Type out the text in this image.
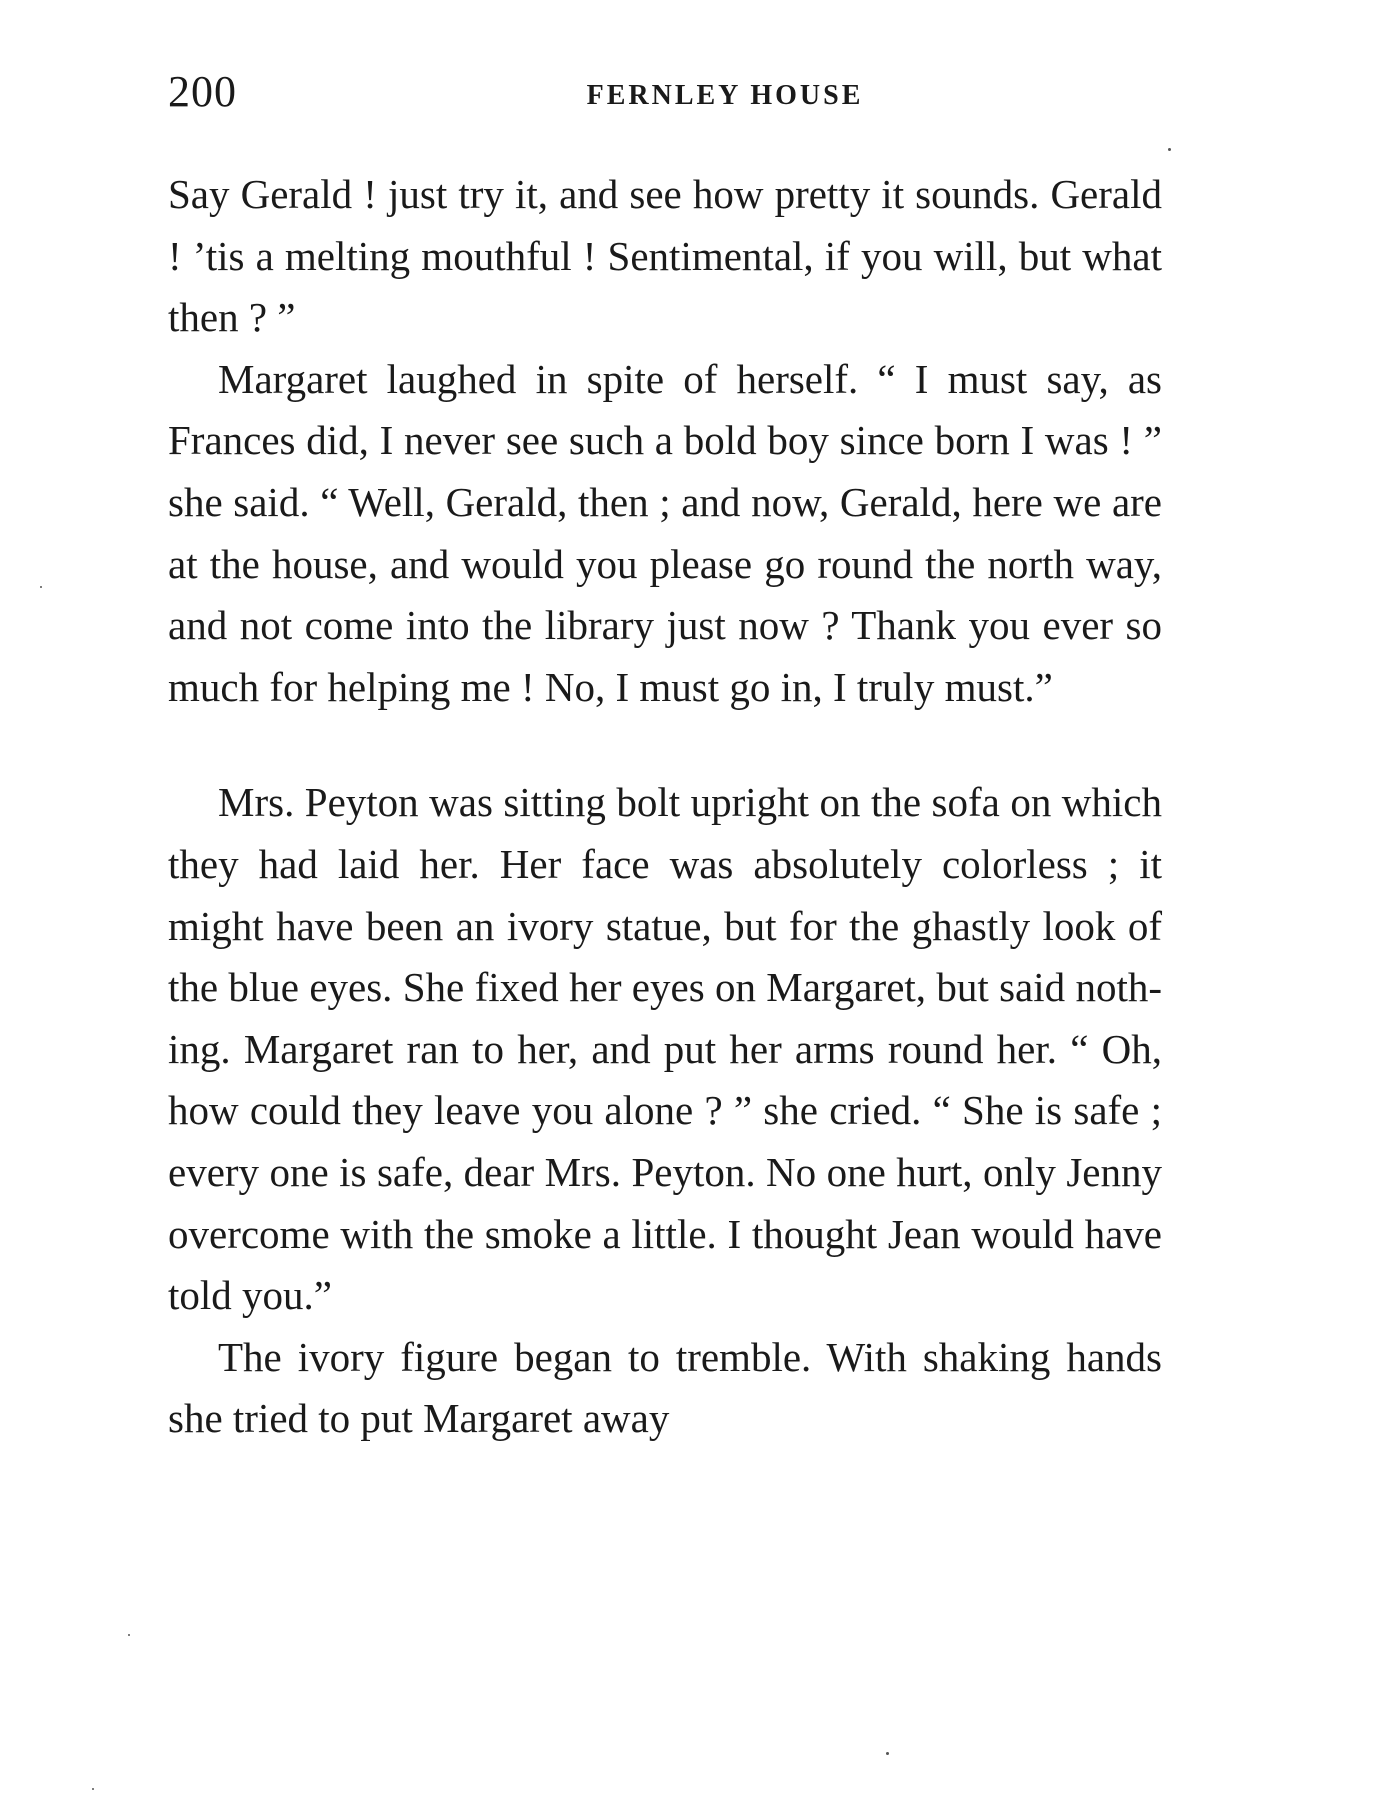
200	FERNLEY HOUSE

Say Gerald ! just try it, and see how pretty it sounds. Gerald ! ’tis a melting mouthful ! Sentimental, if you will, but what then ? ”

Margaret laughed in spite of herself. “ I must say, as Frances did, I never see such a bold boy since born I was ! ” she said. “ Well, Gerald, then ; and now, Gerald, here we are at the house, and would you please go round the north way, and not come into the library just now ? Thank you ever so much for helping me ! No, I must go in, I truly must.”

Mrs. Peyton was sitting bolt upright on the sofa on which they had laid her. Her face was absolutely colorless ; it might have been an ivory statue, but for the ghastly look of the blue eyes. She fixed her eyes on Margaret, but said nothing. Margaret ran to her, and put her arms round her. “ Oh, how could they leave you alone ? ” she cried. “ She is safe ; every one is safe, dear Mrs. Peyton. No one hurt, only Jenny overcome with the smoke a little. I thought Jean would have told you.”

The ivory figure began to tremble. With shaking hands she tried to put Margaret away
